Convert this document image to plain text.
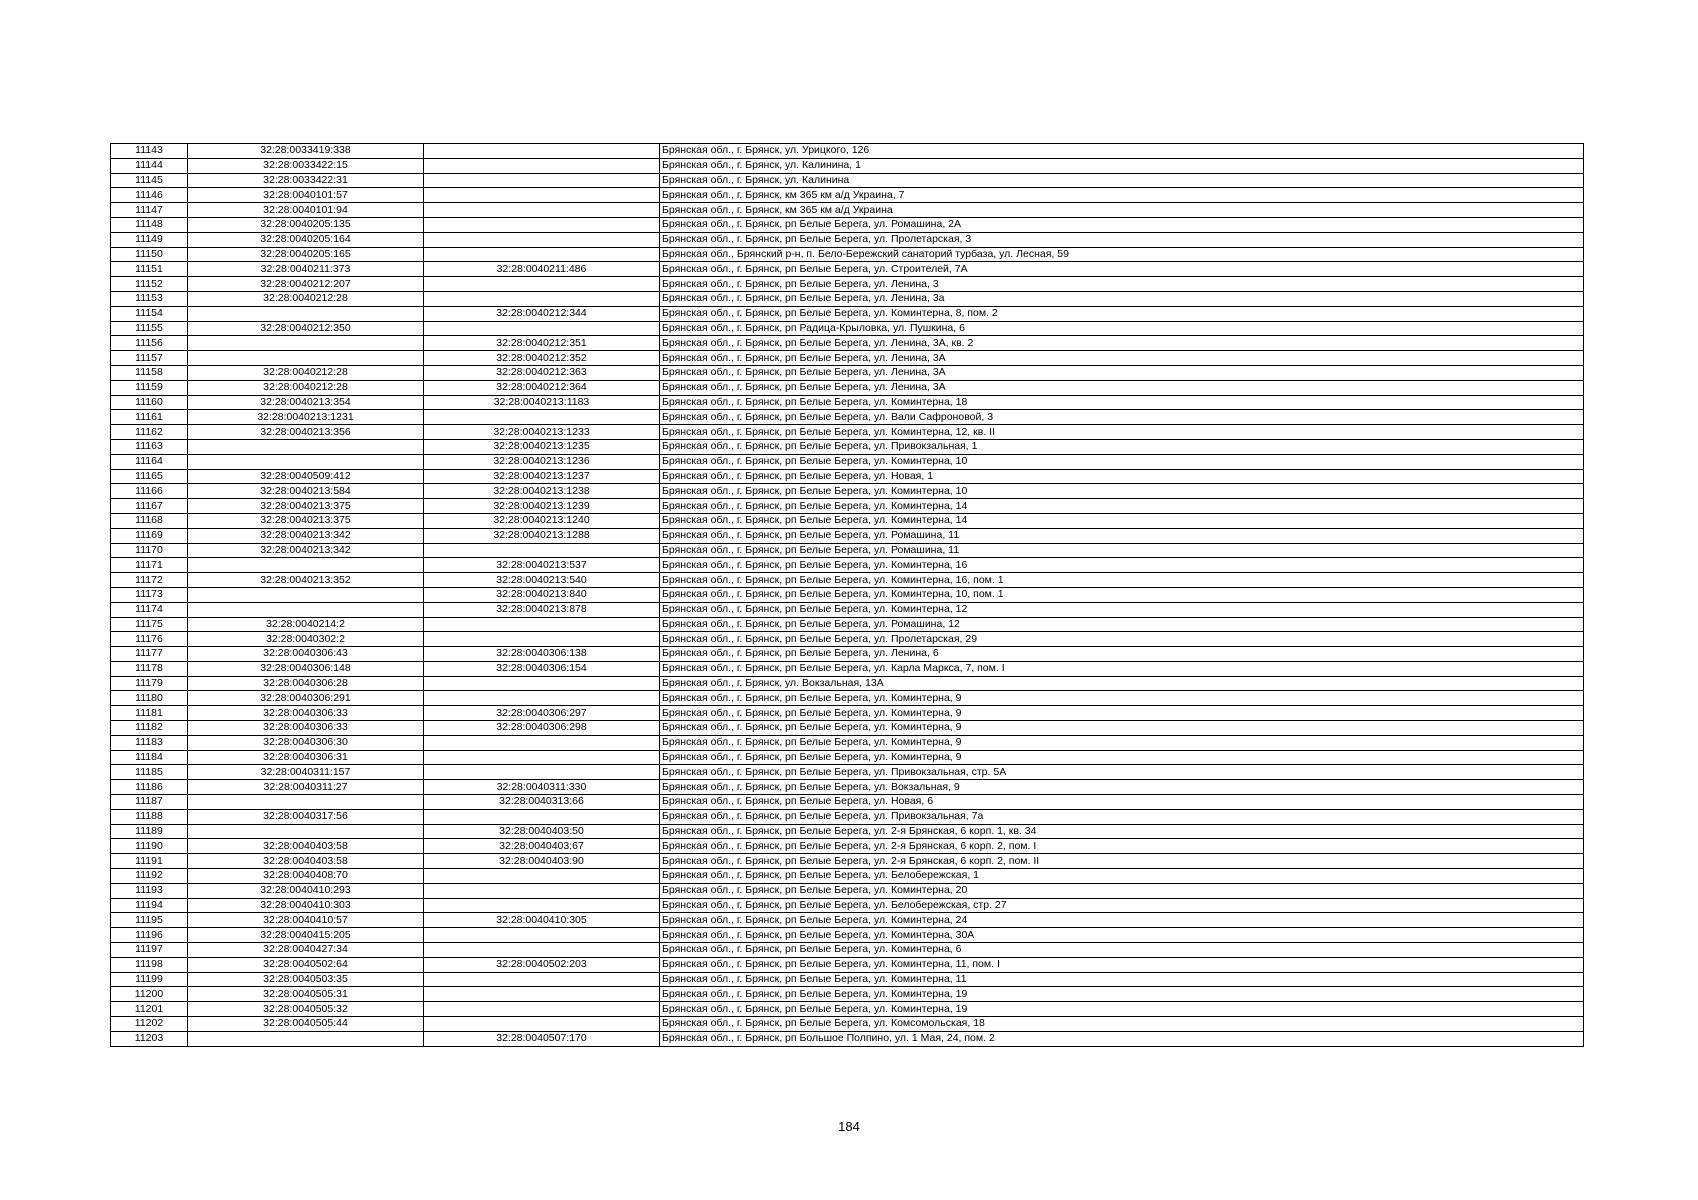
11143	32:28:0033419:338		Брянская обл., г. Брянск, ул. Урицкого, 126
11144	32:28:0033422:15		Брянская обл., г. Брянск, ул. Калинина, 1
11145	32:28:0033422:31		Брянская обл., г. Брянск, ул. Калинина
11146	32:28:0040101:57		Брянская обл., г. Брянск, км 365 км а/д Украина, 7
11147	32:28:0040101:94		Брянская обл., г. Брянск, км 365 км а/д Украина
11148	32:28:0040205:135		Брянская обл., г. Брянск, рп Белые Берега, ул. Ромашина, 2А
11149	32:28:0040205:164		Брянская обл., г. Брянск, рп Белые Берега, ул. Пролетарская, 3
11150	32:28:0040205:165		Брянская обл., Брянский р-н, п. Бело-Бережский санаторий турбаза, ул. Лесная, 59
11151	32:28:0040211:373	32:28:0040211:486	Брянская обл., г. Брянск, рп Белые Берега, ул. Строителей, 7А
11152	32:28:0040212:207		Брянская обл., г. Брянск, рп Белые Берега, ул. Ленина, 3
11153	32:28:0040212:28		Брянская обл., г. Брянск, рп Белые Берега, ул. Ленина, 3а
11154		32:28:0040212:344	Брянская обл., г. Брянск, рп Белые Берега, ул. Коминтерна, 8, пом. 2
11155	32:28:0040212:350		Брянская обл., г. Брянск, рп Радица-Крыловка, ул. Пушкина, 6
11156		32:28:0040212:351	Брянская обл., г. Брянск, рп Белые Берега, ул. Ленина, 3А, кв. 2
11157		32:28:0040212:352	Брянская обл., г. Брянск, рп Белые Берега, ул. Ленина, 3А
11158	32:28:0040212:28	32:28:0040212:363	Брянская обл., г. Брянск, рп Белые Берега, ул. Ленина, 3А
11159	32:28:0040212:28	32:28:0040212:364	Брянская обл., г. Брянск, рп Белые Берега, ул. Ленина, 3А
11160	32:28:0040213:354	32:28:0040213:1183	Брянская обл., г. Брянск, рп Белые Берега, ул. Коминтерна, 18
11161	32:28:0040213:1231		Брянская обл., г. Брянск, рп Белые Берега, ул. Вали Сафроновой, 3
11162	32:28:0040213:356	32:28:0040213:1233	Брянская обл., г. Брянск, рп Белые Берега, ул. Коминтерна, 12, кв. II
11163		32:28:0040213:1235	Брянская обл., г. Брянск, рп Белые Берега, ул. Привокзальная, 1
11164		32:28:0040213:1236	Брянская обл., г. Брянск, рп Белые Берега, ул. Коминтерна, 10
11165	32:28:0040509:412	32:28:0040213:1237	Брянская обл., г. Брянск, рп Белые Берега, ул. Новая, 1
11166	32:28:0040213:584	32:28:0040213:1238	Брянская обл., г. Брянск, рп Белые Берега, ул. Коминтерна, 10
11167	32:28:0040213:375	32:28:0040213:1239	Брянская обл., г. Брянск, рп Белые Берега, ул. Коминтерна, 14
11168	32:28:0040213:375	32:28:0040213:1240	Брянская обл., г. Брянск, рп Белые Берега, ул. Коминтерна, 14
11169	32:28:0040213:342	32:28:0040213:1288	Брянская обл., г. Брянск, рп Белые Берега, ул. Ромашина, 11
11170	32:28:0040213:342		Брянская обл., г. Брянск, рп Белые Берега, ул. Ромашина, 11
11171		32:28:0040213:537	Брянская обл., г. Брянск, рп Белые Берега, ул. Коминтерна, 16
11172	32:28:0040213:352	32:28:0040213:540	Брянская обл., г. Брянск, рп Белые Берега, ул. Коминтерна, 16, пом. 1
11173		32:28:0040213:840	Брянская обл., г. Брянск, рп Белые Берега, ул. Коминтерна, 10, пом. 1
11174		32:28:0040213:878	Брянская обл., г. Брянск, рп Белые Берега, ул. Коминтерна, 12
11175	32:28:0040214:2		Брянская обл., г. Брянск, рп Белые Берега, ул. Ромашина, 12
11176	32:28:0040302:2		Брянская обл., г. Брянск, рп Белые Берега, ул. Пролетарская, 29
11177	32:28:0040306:43	32:28:0040306:138	Брянская обл., г. Брянск, рп Белые Берега, ул. Ленина, 6
11178	32:28:0040306:148	32:28:0040306:154	Брянская обл., г. Брянск, рп Белые Берега, ул. Карла Маркса, 7, пом. I
11179	32:28:0040306:28		Брянская обл., г. Брянск, ул. Вокзальная, 13А
11180	32:28:0040306:291		Брянская обл., г. Брянск, рп Белые Берега, ул. Коминтерна, 9
11181	32:28:0040306:33	32:28:0040306:297	Брянская обл., г. Брянск, рп Белые Берега, ул. Коминтерна, 9
11182	32:28:0040306:33	32:28:0040306:298	Брянская обл., г. Брянск, рп Белые Берега, ул. Коминтерна, 9
11183	32:28:0040306:30		Брянская обл., г. Брянск, рп Белые Берега, ул. Коминтерна, 9
11184	32:28:0040306:31		Брянская обл., г. Брянск, рп Белые Берега, ул. Коминтерна, 9
11185	32:28:0040311:157		Брянская обл., г. Брянск, рп Белые Берега, ул. Привокзальная, стр. 5А
11186	32:28:0040311:27	32:28:0040311:330	Брянская обл., г. Брянск, рп Белые Берега, ул. Вокзальная, 9
11187		32:28:0040313:66	Брянская обл., г. Брянск, рп Белые Берега, ул. Новая, 6
11188	32:28:0040317:56		Брянская обл., г. Брянск, рп Белые Берега, ул. Привокзальная, 7а
11189		32:28:0040403:50	Брянская обл., г. Брянск, рп Белые Берега, ул. 2-я Брянская, 6 корп. 1, кв. 34
11190	32:28:0040403:58	32:28:0040403:67	Брянская обл., г. Брянск, рп Белые Берега, ул. 2-я Брянская, 6 корп. 2, пом. I
11191	32:28:0040403:58	32:28:0040403:90	Брянская обл., г. Брянск, рп Белые Берега, ул. 2-я Брянская, 6 корп. 2, пом. II
11192	32:28:0040408:70		Брянская обл., г. Брянск, рп Белые Берега, ул. Белобережская, 1
11193	32:28:0040410:293		Брянская обл., г. Брянск, рп Белые Берега, ул. Коминтерна, 20
11194	32:28:0040410:303		Брянская обл., г. Брянск, рп Белые Берега, ул. Белобережская, стр. 27
11195	32:28:0040410:57	32:28:0040410:305	Брянская обл., г. Брянск, рп Белые Берега, ул. Коминтерна, 24
11196	32:28:0040415:205		Брянская обл., г. Брянск, рп Белые Берега, ул. Коминтерна, 30А
11197	32:28:0040427:34		Брянская обл., г. Брянск, рп Белые Берега, ул. Коминтерна, 6
11198	32:28:0040502:64	32:28:0040502:203	Брянская обл., г. Брянск, рп Белые Берега, ул. Коминтерна, 11, пом. I
11199	32:28:0040503:35		Брянская обл., г. Брянск, рп Белые Берега, ул. Коминтерна, 11
11200	32:28:0040505:31		Брянская обл., г. Брянск, рп Белые Берега, ул. Коминтерна, 19
11201	32:28:0040505:32		Брянская обл., г. Брянск, рп Белые Берега, ул. Коминтерна, 19
11202	32:28:0040505:44		Брянская обл., г. Брянск, рп Белые Берега, ул. Комсомольская, 18
11203		32:28:0040507:170	Брянская обл., г. Брянск, рп Большое Полпино, ул. 1 Мая, 24, пом. 2
184
